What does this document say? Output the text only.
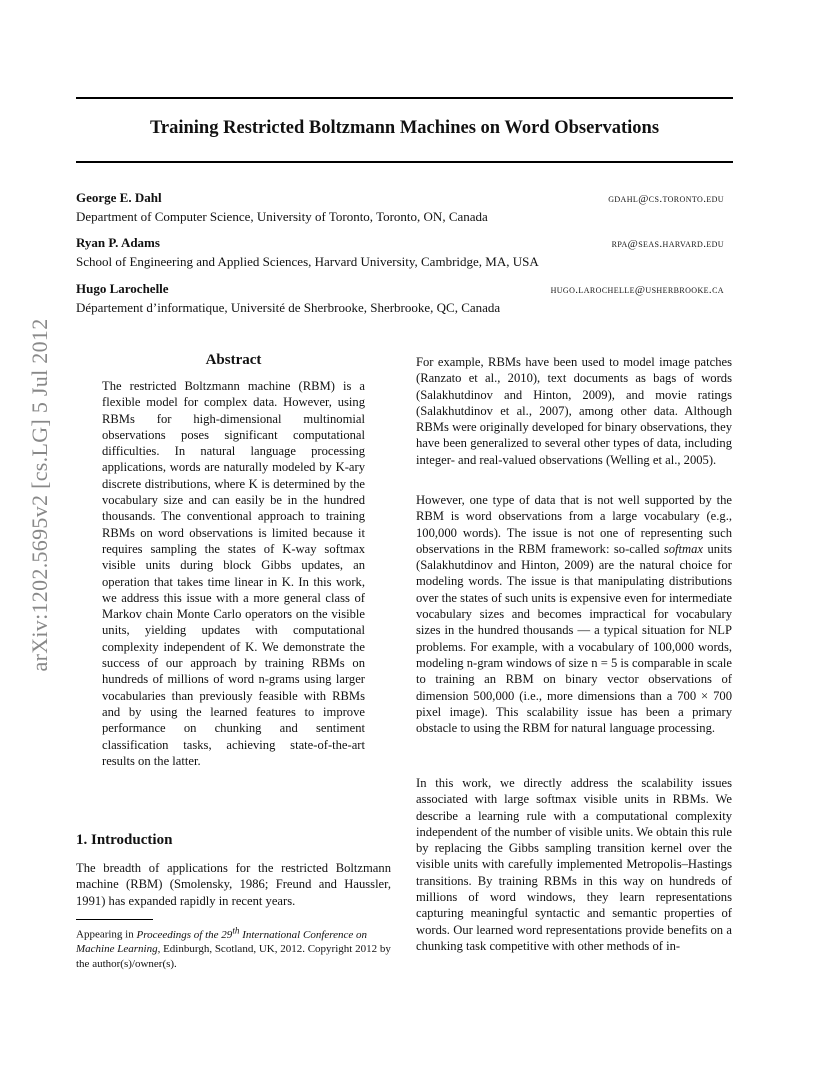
arXiv:1202.5695v2 [cs.LG] 5 Jul 2012
Training Restricted Boltzmann Machines on Word Observations
George E. Dahl	gdahl@cs.toronto.edu
Department of Computer Science, University of Toronto, Toronto, ON, Canada
Ryan P. Adams	rpa@seas.harvard.edu
School of Engineering and Applied Sciences, Harvard University, Cambridge, MA, USA
Hugo Larochelle	hugo.larochelle@usherbrooke.ca
Département d’informatique, Université de Sherbrooke, Sherbrooke, QC, Canada
Abstract

The restricted Boltzmann machine (RBM) is a flexible model for complex data. However, using RBMs for high-dimensional multinomial observations poses significant computational difficulties. In natural language processing applications, words are naturally modeled by K-ary discrete distributions, where K is determined by the vocabulary size and can easily be in the hundred thousands. The conventional approach to training RBMs on word observations is limited because it requires sampling the states of K-way softmax visible units during block Gibbs updates, an operation that takes time linear in K. In this work, we address this issue with a more general class of Markov chain Monte Carlo operators on the visible units, yielding updates with computational complexity independent of K. We demonstrate the success of our approach by training RBMs on hundreds of millions of word n-grams using larger vocabularies than previously feasible with RBMs and by using the learned features to improve performance on chunking and sentiment classification tasks, achieving state-of-the-art results on the latter.

1. Introduction

The breadth of applications for the restricted Boltzmann machine (RBM) (Smolensky, 1986; Freund and Haussler, 1991) has expanded rapidly in recent years.

Appearing in Proceedings of the 29th International Conference on Machine Learning, Edinburgh, Scotland, UK, 2012. Copyright 2012 by the author(s)/owner(s).

For example, RBMs have been used to model image patches (Ranzato et al., 2010), text documents as bags of words (Salakhutdinov and Hinton, 2009), and movie ratings (Salakhutdinov et al., 2007), among other data. Although RBMs were originally developed for binary observations, they have been generalized to several other types of data, including integer- and real-valued observations (Welling et al., 2005).

However, one type of data that is not well supported by the RBM is word observations from a large vocabulary (e.g., 100,000 words). The issue is not one of representing such observations in the RBM framework: so-called softmax units (Salakhutdinov and Hinton, 2009) are the natural choice for modeling words. The issue is that manipulating distributions over the states of such units is expensive even for intermediate vocabulary sizes and becomes impractical for vocabulary sizes in the hundred thousands — a typical situation for NLP problems. For example, with a vocabulary of 100,000 words, modeling n-gram windows of size n = 5 is comparable in scale to training an RBM on binary vector observations of dimension 500,000 (i.e., more dimensions than a 700 × 700 pixel image). This scalability issue has been a primary obstacle to using the RBM for natural language processing.

In this work, we directly address the scalability issues associated with large softmax visible units in RBMs. We describe a learning rule with a computational complexity independent of the number of visible units. We obtain this rule by replacing the Gibbs sampling transition kernel over the visible units with carefully implemented Metropolis–Hastings transitions. By training RBMs in this way on hundreds of millions of word windows, they learn representations capturing meaningful syntactic and semantic properties of words. Our learned word representations provide benefits on a chunking task competitive with other methods of in-
